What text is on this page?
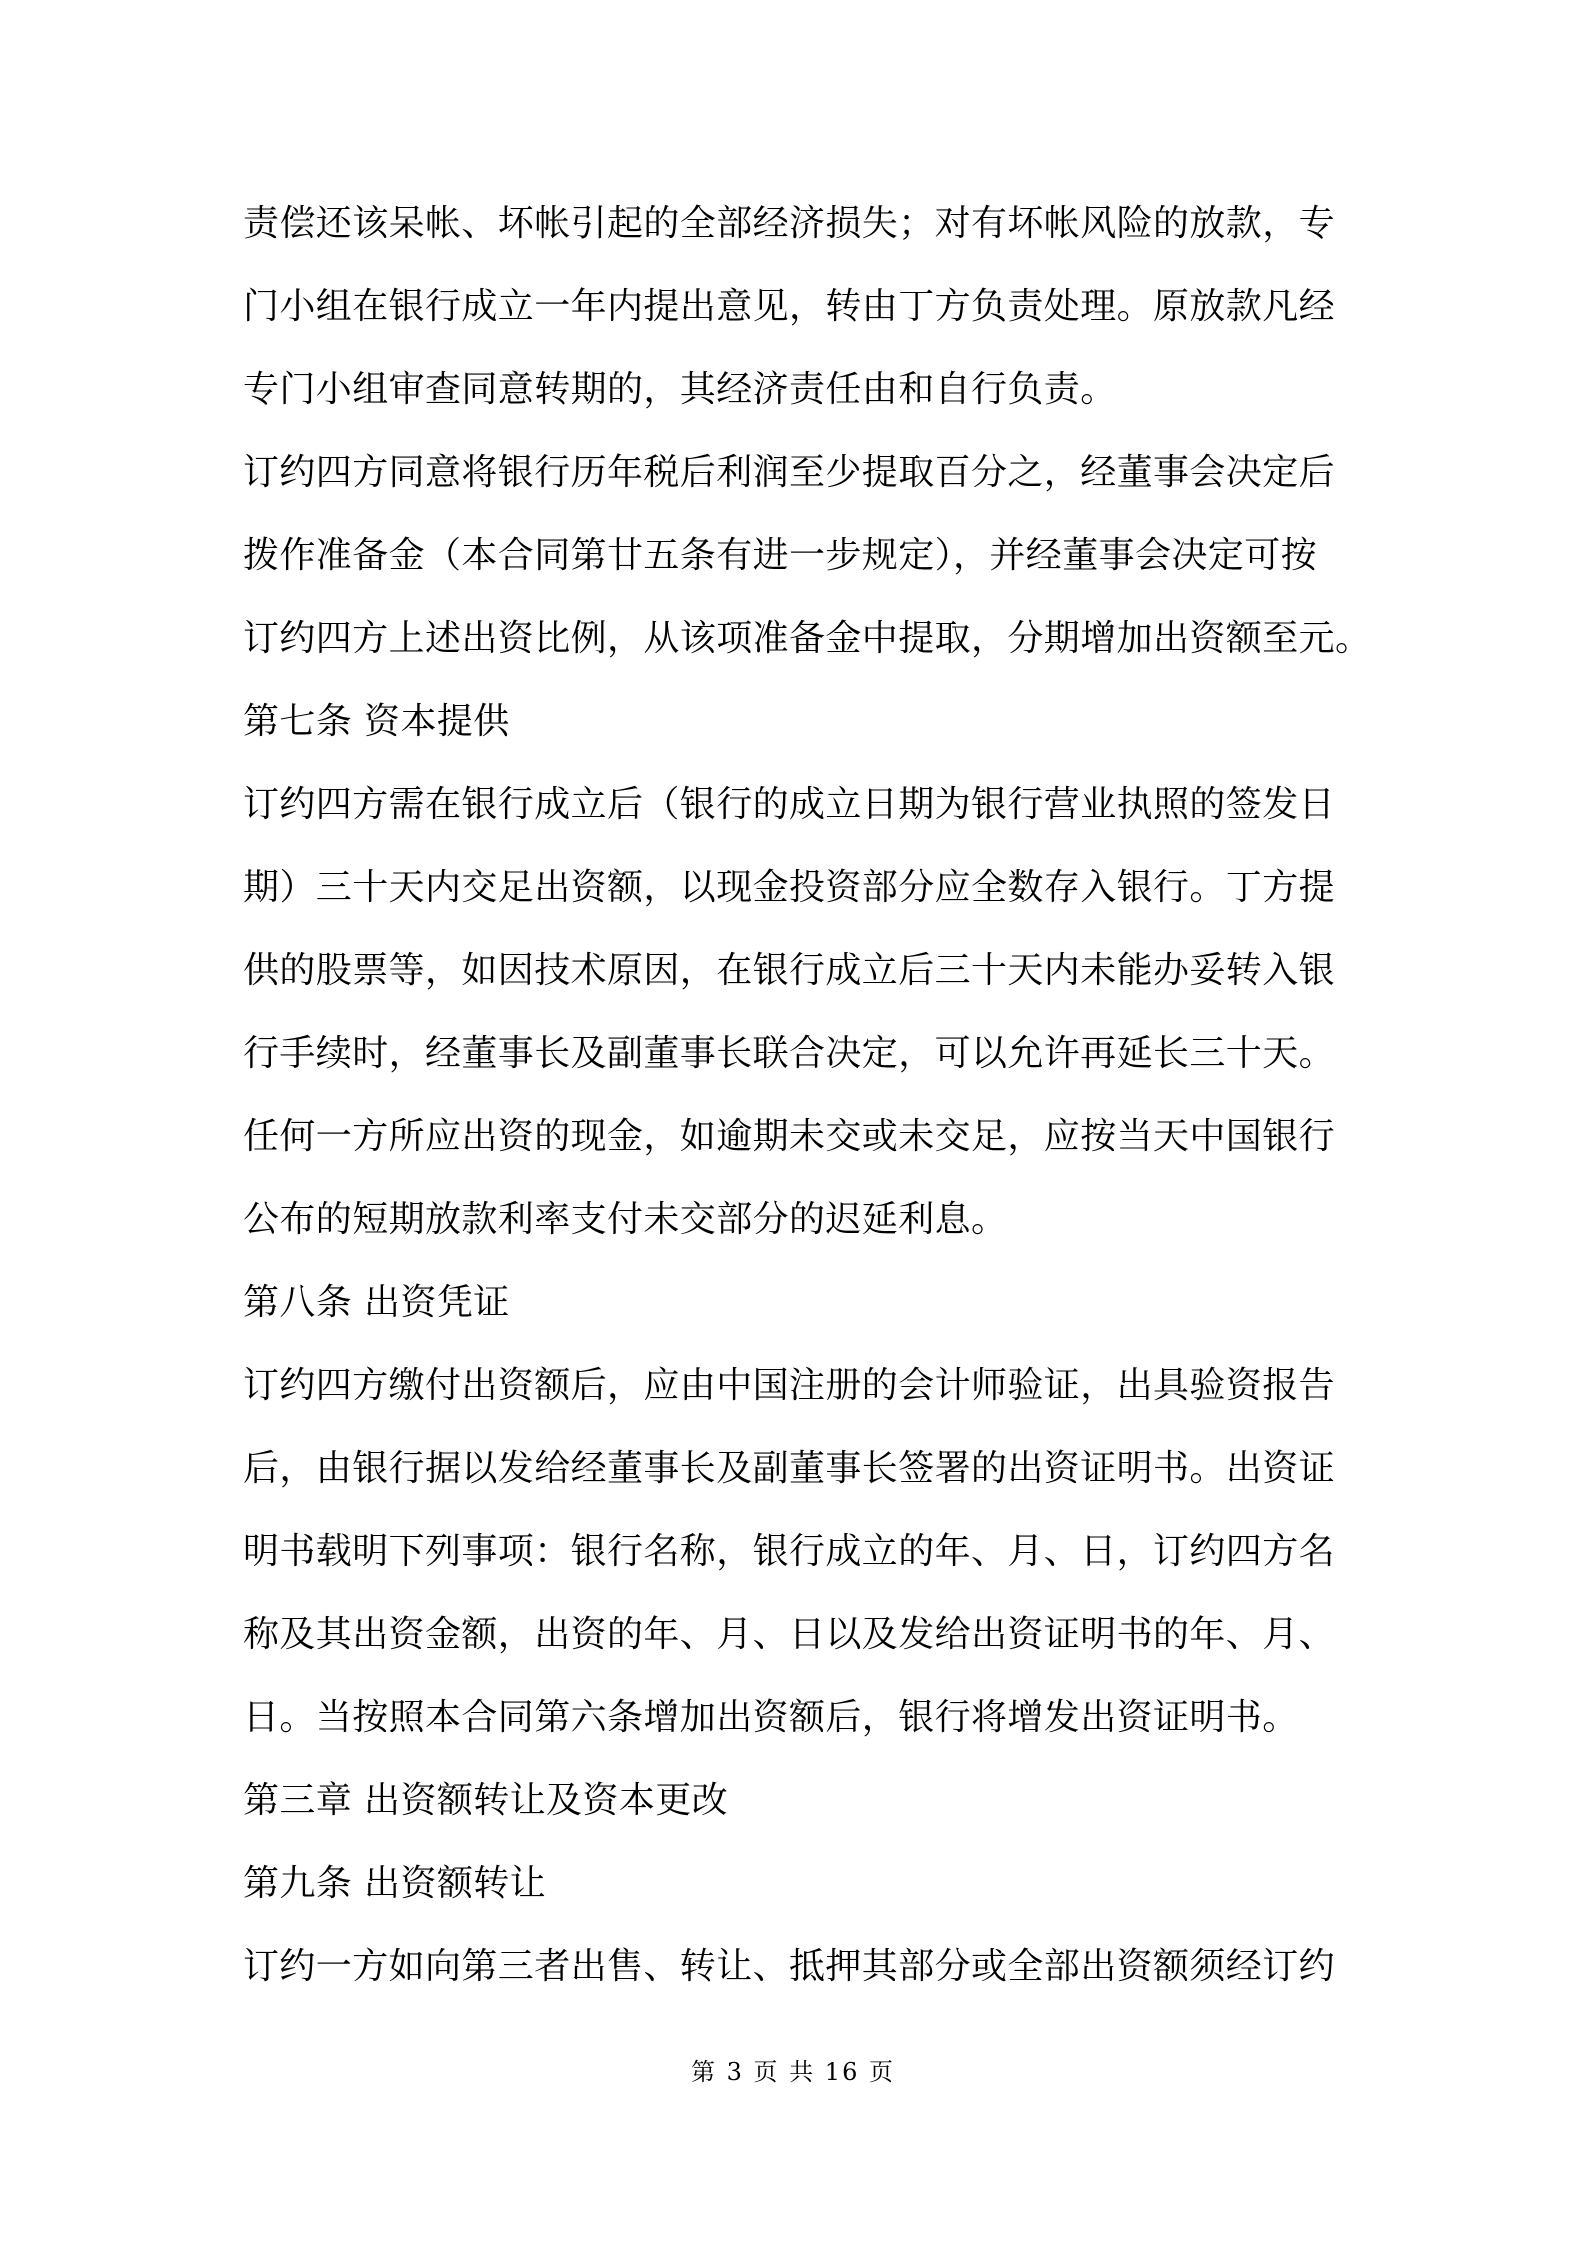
责偿还该呆帐、坏帐引起的全部经济损失；对有坏帐风险的放款，专
门小组在银行成立一年内提出意见，转由丁方负责处理。原放款凡经
专门小组审查同意转期的，其经济责任由和自行负责。
订约四方同意将银行历年税后利润至少提取百分之，经董事会决定后
拨作准备金（本合同第廿五条有进一步规定），并经董事会决定可按
订约四方上述出资比例，从该项准备金中提取，分期增加出资额至元。
第七条 资本提供
订约四方需在银行成立后（银行的成立日期为银行营业执照的签发日
期）三十天内交足出资额，以现金投资部分应全数存入银行。丁方提
供的股票等，如因技术原因，在银行成立后三十天内未能办妥转入银
行手续时，经董事长及副董事长联合决定，可以允许再延长三十天。
任何一方所应出资的现金，如逾期未交或未交足，应按当天中国银行
公布的短期放款利率支付未交部分的迟延利息。
第八条 出资凭证
订约四方缴付出资额后，应由中国注册的会计师验证，出具验资报告
后，由银行据以发给经董事长及副董事长签署的出资证明书。出资证
明书载明下列事项：银行名称，银行成立的年、月、日，订约四方名
称及其出资金额，出资的年、月、日以及发给出资证明书的年、月、
日。当按照本合同第六条增加出资额后，银行将增发出资证明书。
第三章 出资额转让及资本更改
第九条 出资额转让
订约一方如向第三者出售、转让、抵押其部分或全部出资额须经订约
第 3 页 共 16 页
